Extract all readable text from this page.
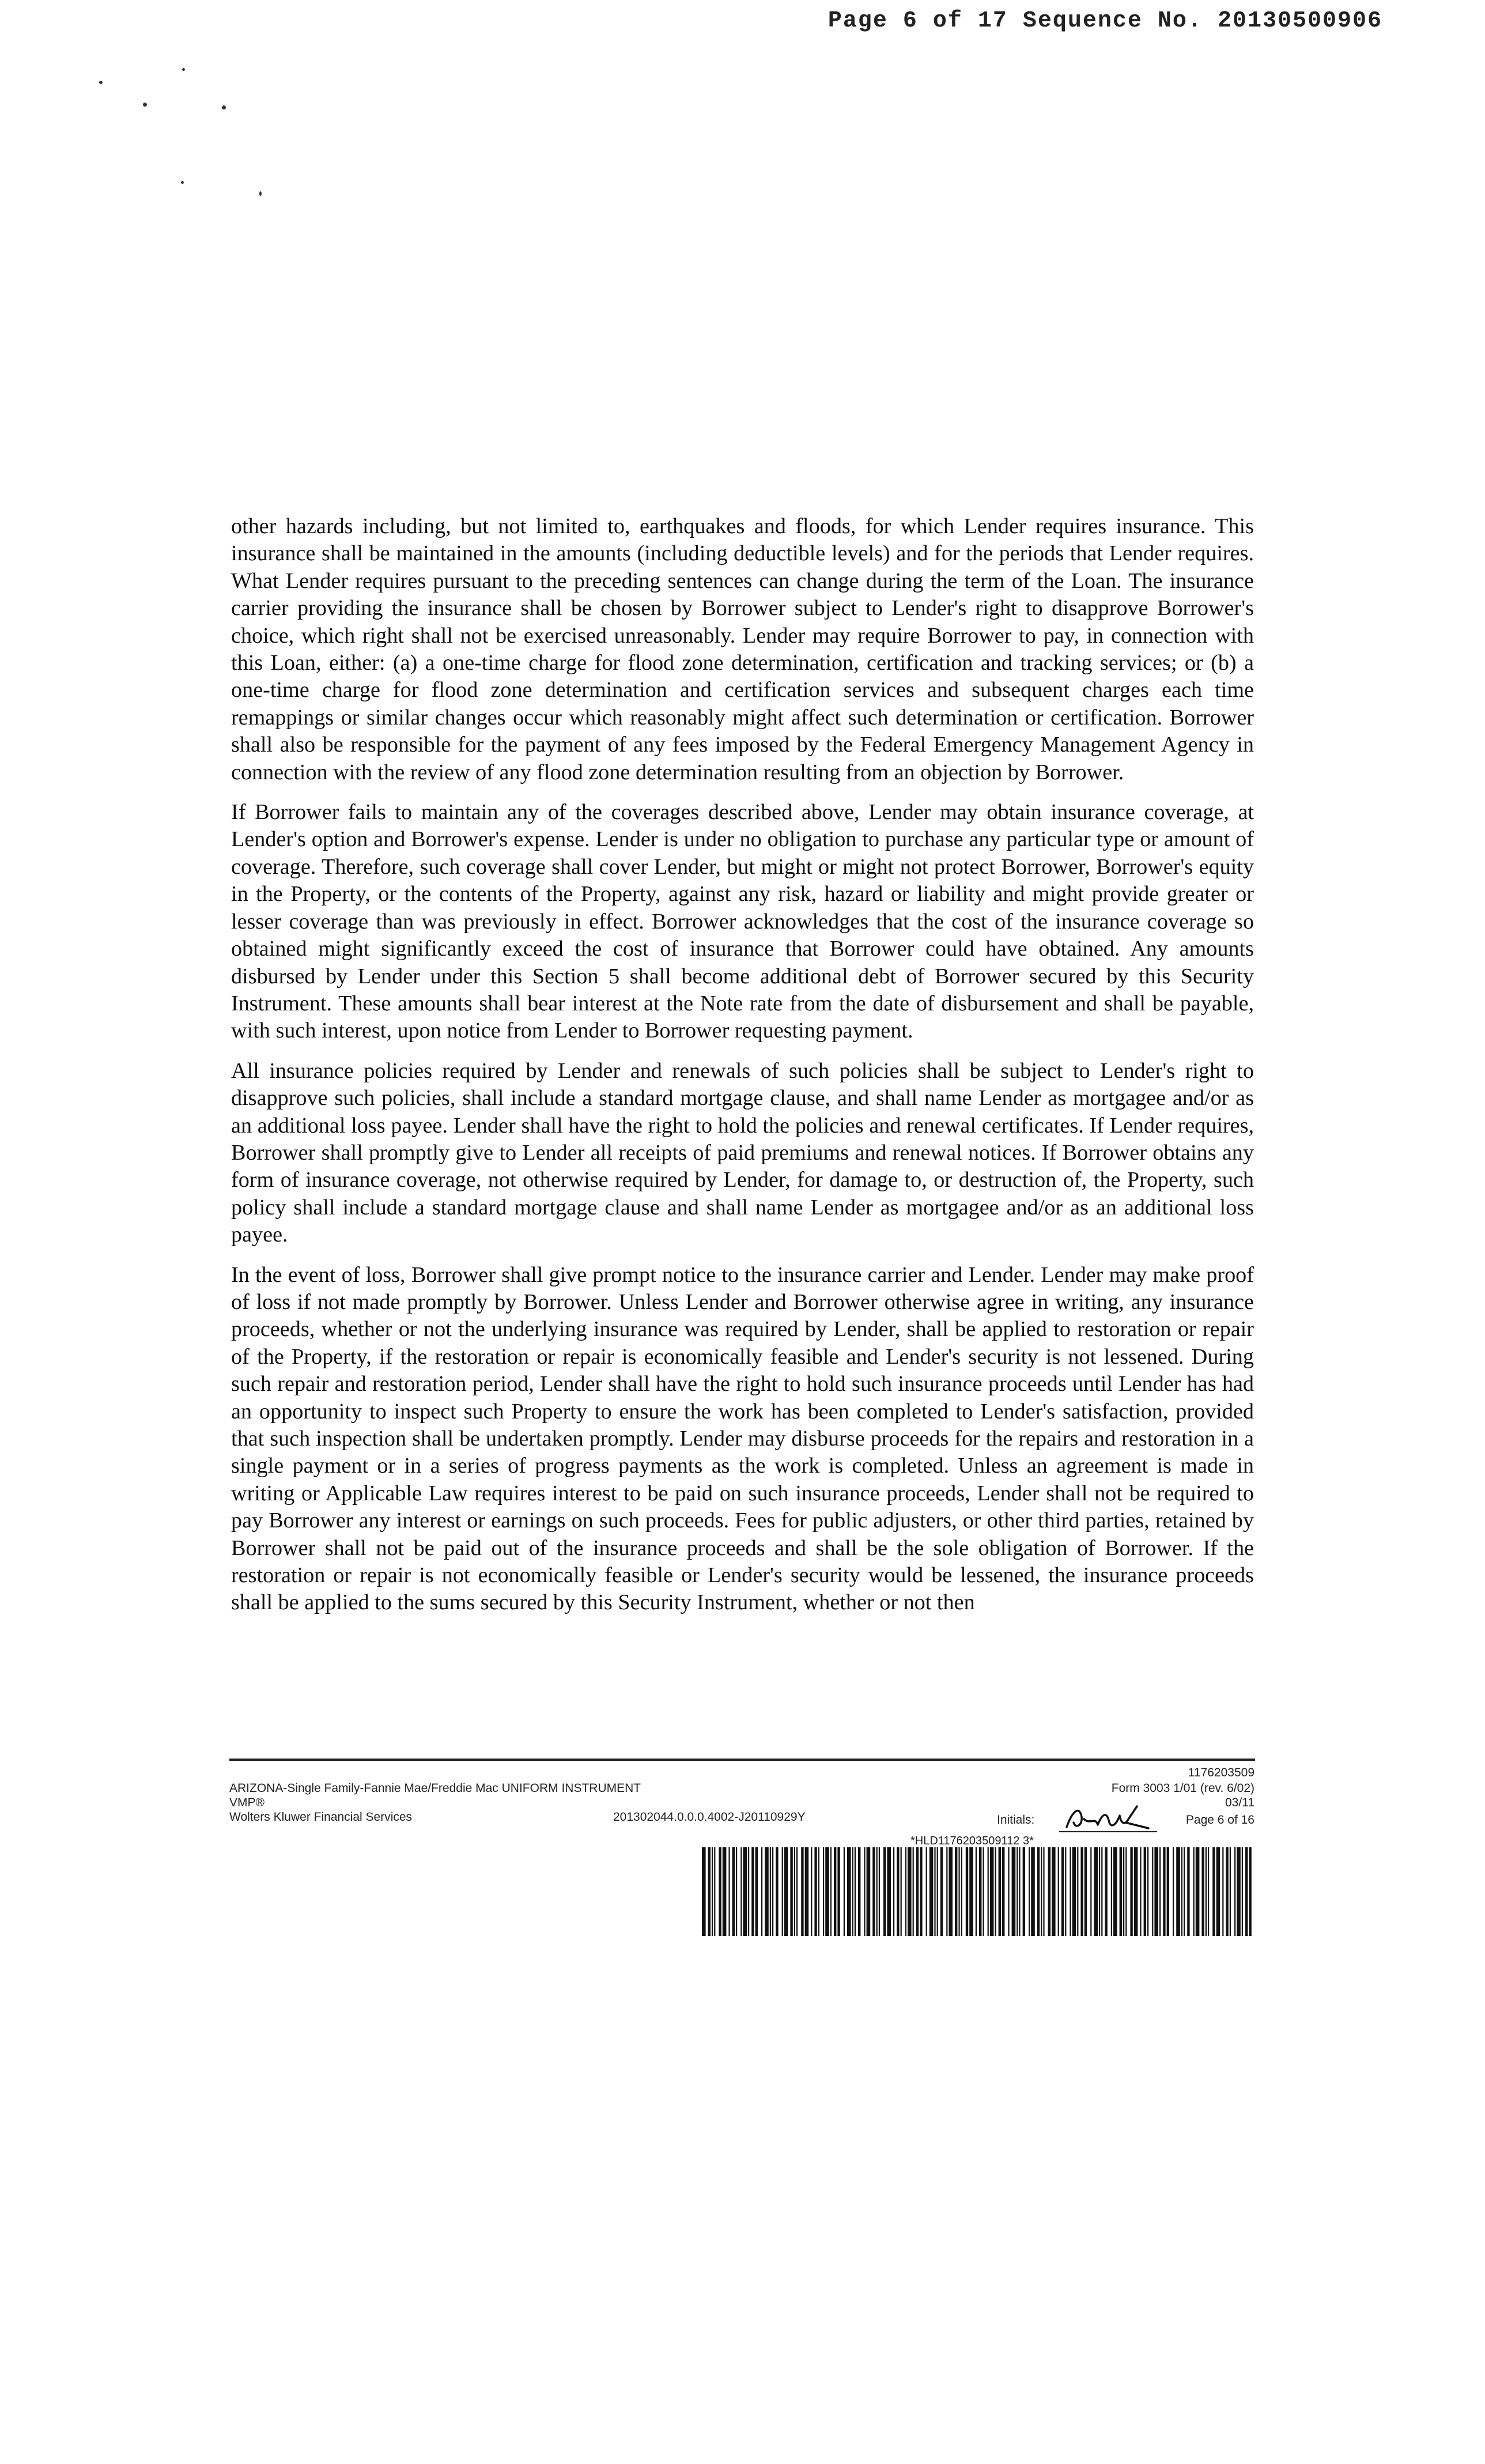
Page 6 of 17 Sequence No. 20130500906

other hazards including, but not limited to, earthquakes and floods, for which Lender requires insurance. This insurance shall be maintained in the amounts (including deductible levels) and for the periods that Lender requires. What Lender requires pursuant to the preceding sentences can change during the term of the Loan. The insurance carrier providing the insurance shall be chosen by Borrower subject to Lender's right to disapprove Borrower's choice, which right shall not be exercised unreasonably. Lender may require Borrower to pay, in connection with this Loan, either: (a) a one-time charge for flood zone determination, certification and tracking services; or (b) a one-time charge for flood zone determination and certification services and subsequent charges each time remappings or similar changes occur which reasonably might affect such determination or certification. Borrower shall also be responsible for the payment of any fees imposed by the Federal Emergency Management Agency in connection with the review of any flood zone determination resulting from an objection by Borrower.

If Borrower fails to maintain any of the coverages described above, Lender may obtain insurance coverage, at Lender's option and Borrower's expense. Lender is under no obligation to purchase any particular type or amount of coverage. Therefore, such coverage shall cover Lender, but might or might not protect Borrower, Borrower's equity in the Property, or the contents of the Property, against any risk, hazard or liability and might provide greater or lesser coverage than was previously in effect. Borrower acknowledges that the cost of the insurance coverage so obtained might significantly exceed the cost of insurance that Borrower could have obtained. Any amounts disbursed by Lender under this Section 5 shall become additional debt of Borrower secured by this Security Instrument. These amounts shall bear interest at the Note rate from the date of disbursement and shall be payable, with such interest, upon notice from Lender to Borrower requesting payment.

All insurance policies required by Lender and renewals of such policies shall be subject to Lender's right to disapprove such policies, shall include a standard mortgage clause, and shall name Lender as mortgagee and/or as an additional loss payee. Lender shall have the right to hold the policies and renewal certificates. If Lender requires, Borrower shall promptly give to Lender all receipts of paid premiums and renewal notices. If Borrower obtains any form of insurance coverage, not otherwise required by Lender, for damage to, or destruction of, the Property, such policy shall include a standard mortgage clause and shall name Lender as mortgagee and/or as an additional loss payee.

In the event of loss, Borrower shall give prompt notice to the insurance carrier and Lender. Lender may make proof of loss if not made promptly by Borrower. Unless Lender and Borrower otherwise agree in writing, any insurance proceeds, whether or not the underlying insurance was required by Lender, shall be applied to restoration or repair of the Property, if the restoration or repair is economically feasible and Lender's security is not lessened. During such repair and restoration period, Lender shall have the right to hold such insurance proceeds until Lender has had an opportunity to inspect such Property to ensure the work has been completed to Lender's satisfaction, provided that such inspection shall be undertaken promptly. Lender may disburse proceeds for the repairs and restoration in a single payment or in a series of progress payments as the work is completed. Unless an agreement is made in writing or Applicable Law requires interest to be paid on such insurance proceeds, Lender shall not be required to pay Borrower any interest or earnings on such proceeds. Fees for public adjusters, or other third parties, retained by Borrower shall not be paid out of the insurance proceeds and shall be the sole obligation of Borrower. If the restoration or repair is not economically feasible or Lender's security would be lessened, the insurance proceeds shall be applied to the sums secured by this Security Instrument, whether or not then

1176203509
ARIZONA-Single Family-Fannie Mae/Freddie Mac UNIFORM INSTRUMENT	Form 3003 1/01 (rev. 6/02)
VMP®	03/11
Wolters Kluwer Financial Services	201302044.0.0.0.4002-J20110929Y	Initials:	Page 6 of 16
*HLD1176203509112 3*
